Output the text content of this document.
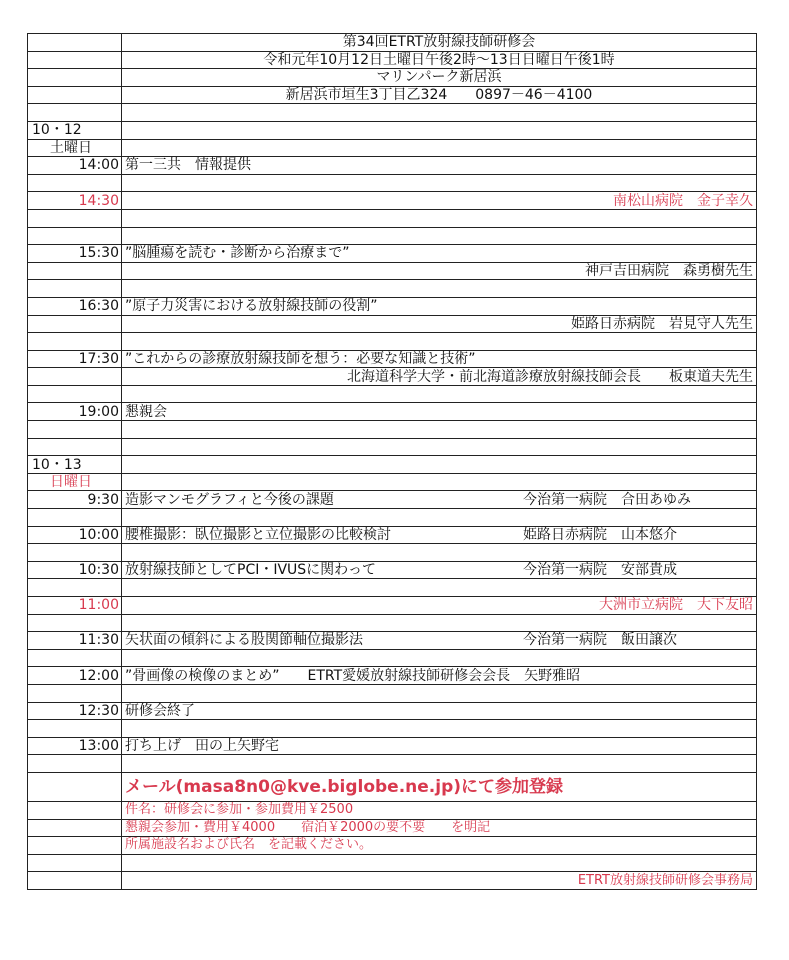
	第34回ETRT放射線技師研修会
	令和元年10月12日土曜日午後2時～13日日曜日午後1時
	マリンパーク新居浜
	新居浜市垣生3丁目乙324　　0897－46－4100

10・12	
土曜日	
14:00	第一三共　情報提供

14:30	南松山病院　金子幸久

15:30	”脳腫瘍を読む・診断から治療まで”
	神戸吉田病院　森勇樹先生

16:30	”原子力災害における放射線技師の役割”
	姫路日赤病院　岩見守人先生

17:30	”これからの診療放射線技師を想う：必要な知識と技術”
	北海道科学大学・前北海道診療放射線技師会長　　板東道夫先生

19:00	懇親会

10・13	
日曜日	
9:30	造影マンモグラフィと今後の課題 今治第一病院　合田あゆみ

10:00	腰椎撮影：臥位撮影と立位撮影の比較検討 姫路日赤病院　山本悠介

10:30	放射線技師としてPCI・IVUSに関わって 今治第一病院　安部貴成

11:00	大洲市立病院　大下友昭

11:30	矢状面の傾斜による股関節軸位撮影法 今治第一病院　飯田譲次

12:00	”骨画像の検像のまとめ”　　ETRT愛媛放射線技師研修会会長　矢野雅昭

12:30	研修会終了

13:00	打ち上げ　田の上矢野宅

	メール(masa8n0@kve.biglobe.ne.jp)にて参加登録
	件名：研修会に参加・参加費用￥2500
	懇親会参加・費用￥4000　　宿泊￥2000の要不要　　を明記
	所属施設名および氏名　を記載ください。

	ETRT放射線技師研修会事務局
